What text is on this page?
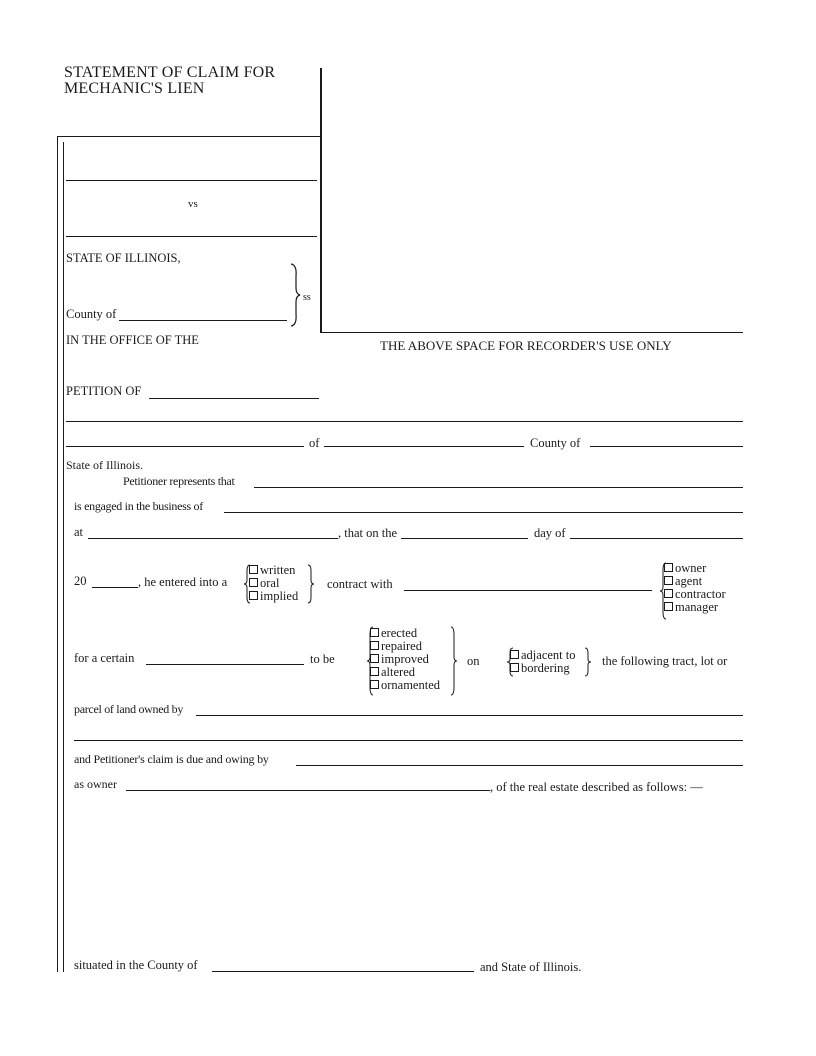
STATEMENT OF CLAIM FOR
MECHANIC'S LIEN
vs
STATE OF ILLINOIS,
County of
ss
IN THE OFFICE OF THE	THE ABOVE SPACE FOR RECORDER'S USE ONLY
PETITION OF
of	County of
State of Illinois.
Petitioner represents that
is engaged in the business of
at	, that on the	day of
20	, he entered into a
written
oral
implied
contract with
owner
agent
contractor
manager
for a certain	to be
erected
repaired
improved
altered
ornamented
on	adjacent to
bordering	the following tract, lot or
parcel of land owned by
and Petitioner's claim is due and owing by
as owner	, of the real estate described as follows: —
situated in the County of	and State of Illinois.
